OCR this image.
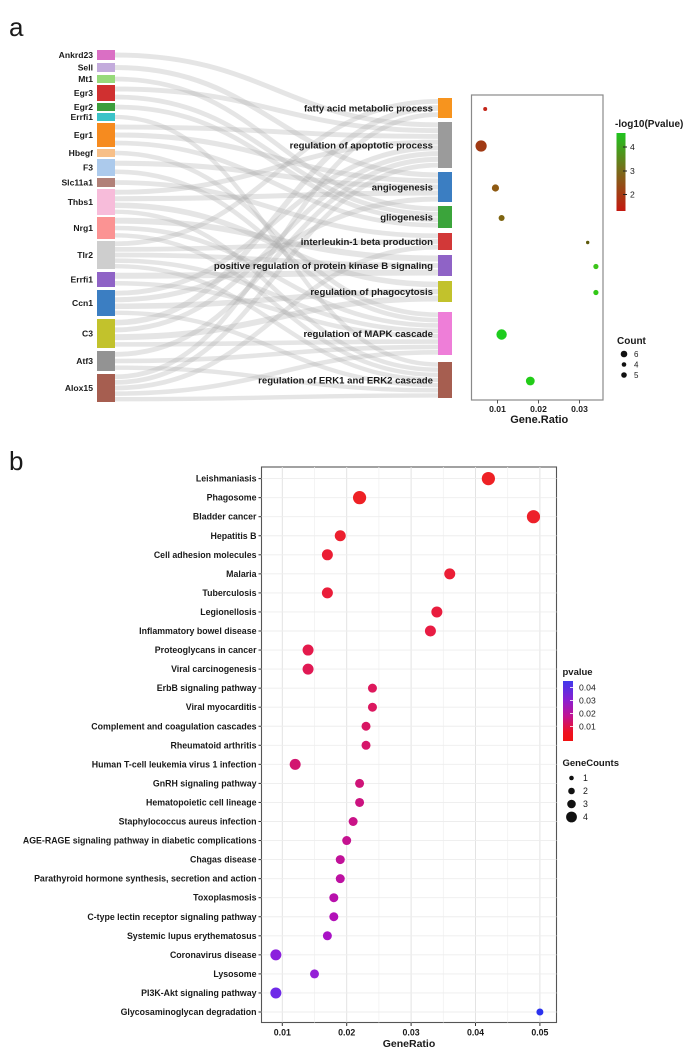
a
b
Ankrd23
Sell
Mt1
Egr3
Egr2
Errfi1
Egr1
Hbegf
F3
Slc11a1
Thbs1
Nrg1
Tlr2
Errfi1
Ccn1
C3
Atf3
Alox15
fatty acid metabolic process
regulation of apoptotic process
angiogenesis
gliogenesis
interleukin-1 beta production
positive regulation of protein kinase B signaling
regulation of phagocytosis
regulation of MAPK cascade
regulation of ERK1 and ERK2 cascade
0.01	0.02	0.03
Gene.Ratio
-log10(Pvalue)
4
3
2
Count
6
4
5
0.01	0.02	0.03	0.04	0.05
GeneRatio
Leishmaniasis
Phagosome
Bladder cancer
Hepatitis B
Cell adhesion molecules
Malaria
Tuberculosis
Legionellosis
Inflammatory bowel disease
Proteoglycans in cancer
Viral carcinogenesis
ErbB signaling pathway
Viral myocarditis
Complement and coagulation cascades
Rheumatoid arthritis
Human T-cell leukemia virus 1 infection
GnRH signaling pathway
Hematopoietic cell lineage
Staphylococcus aureus infection
AGE-RAGE signaling pathway in diabetic complications
Chagas disease
Parathyroid hormone synthesis, secretion and action
Toxoplasmosis
C-type lectin receptor signaling pathway
Systemic lupus erythematosus
Coronavirus disease
Lysosome
PI3K-Akt signaling pathway
Glycosaminoglycan degradation
pvalue
0.04
0.03
0.02
0.01
GeneCounts
1
2
3
4
